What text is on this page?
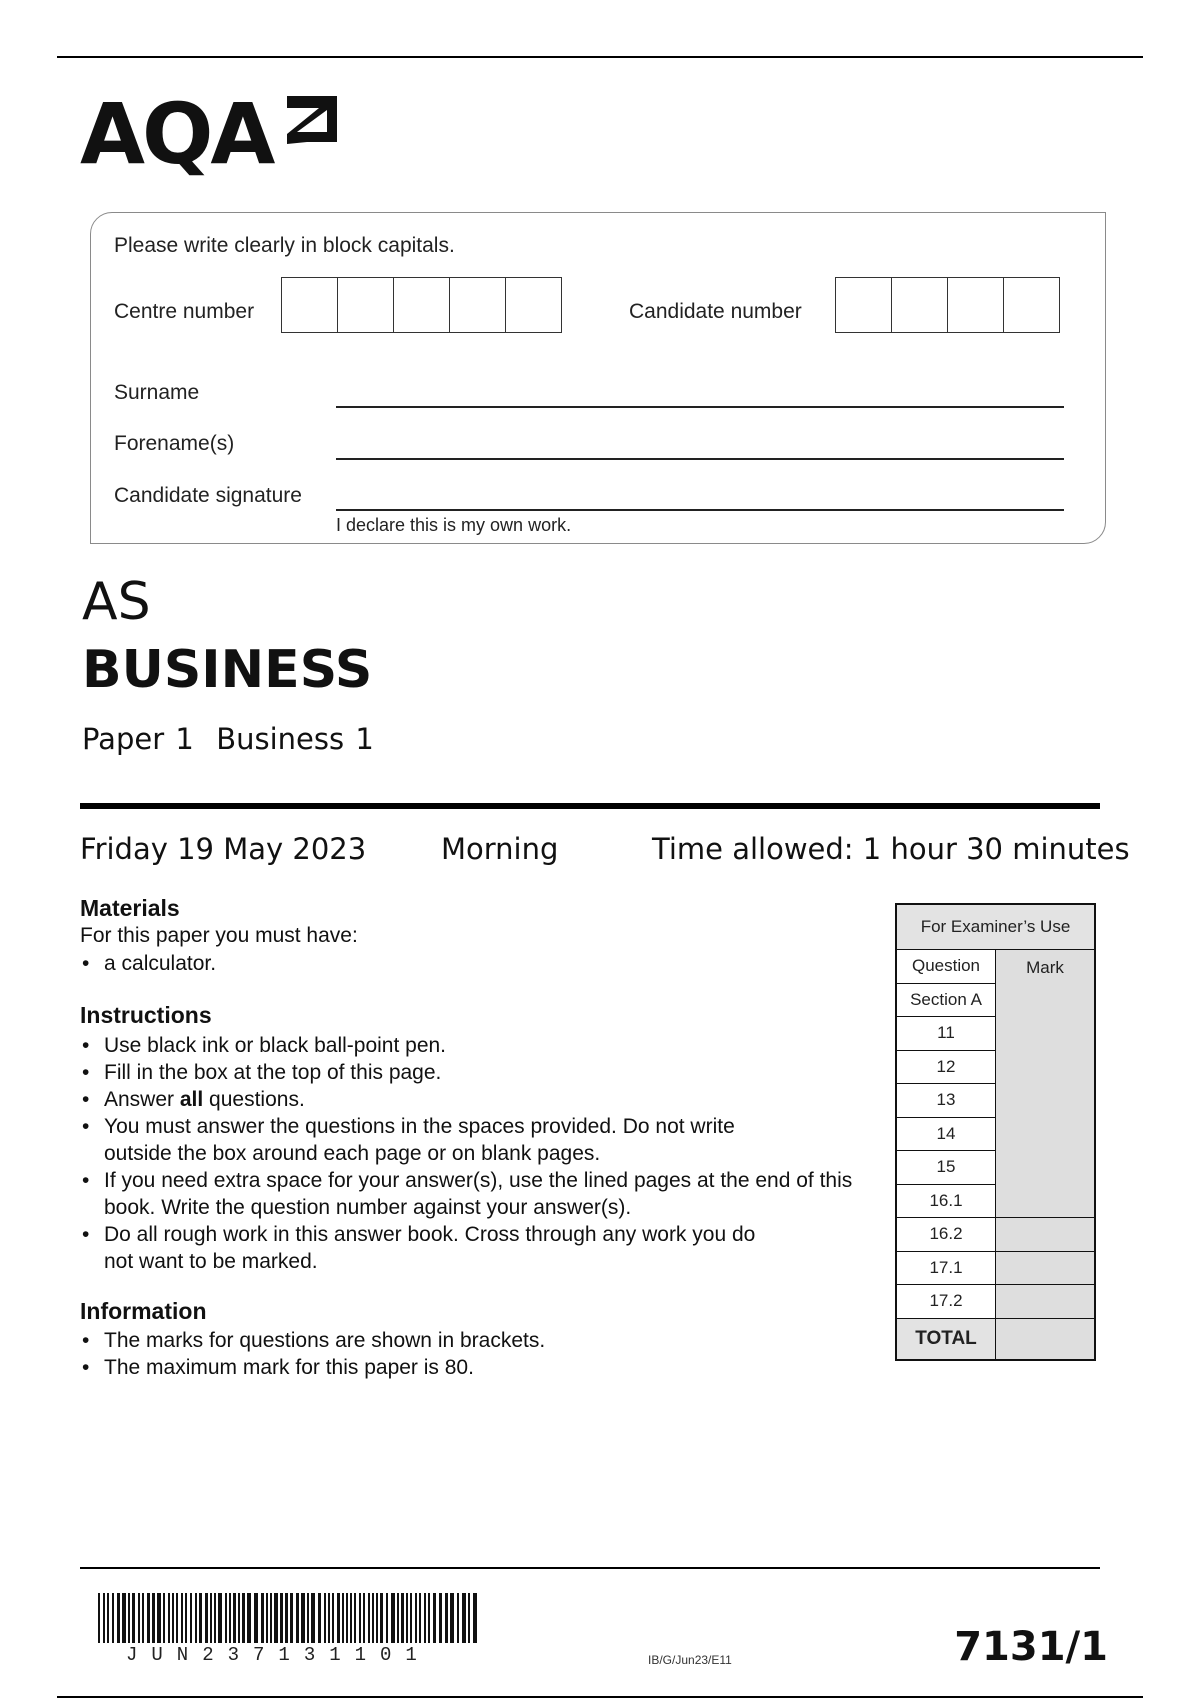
AQA
Please write clearly in block capitals.
Centre number	Candidate number
Surname
Forename(s)
Candidate signature
I declare this is my own work.
AS
BUSINESS
Paper 1  Business 1
Friday 19 May 2023	Morning	Time allowed: 1 hour 30 minutes
Materials
For this paper you must have:
• a calculator.
Instructions
• Use black ink or black ball-point pen.
• Fill in the box at the top of this page.
• Answer all questions.
• You must answer the questions in the spaces provided. Do not write outside the box around each page or on blank pages.
• If you need extra space for your answer(s), use the lined pages at the end of this book. Write the question number against your answer(s).
• Do all rough work in this answer book. Cross through any work you do not want to be marked.
Information
• The marks for questions are shown in brackets.
• The maximum mark for this paper is 80.
For Examiner’s Use	
Question	Mark
Section A	
11	
12	
13	
14	
15	
16.1	
16.2	
17.1	
17.2	
TOTAL	
JUN237131101	IB/G/Jun23/E11	7131/1
